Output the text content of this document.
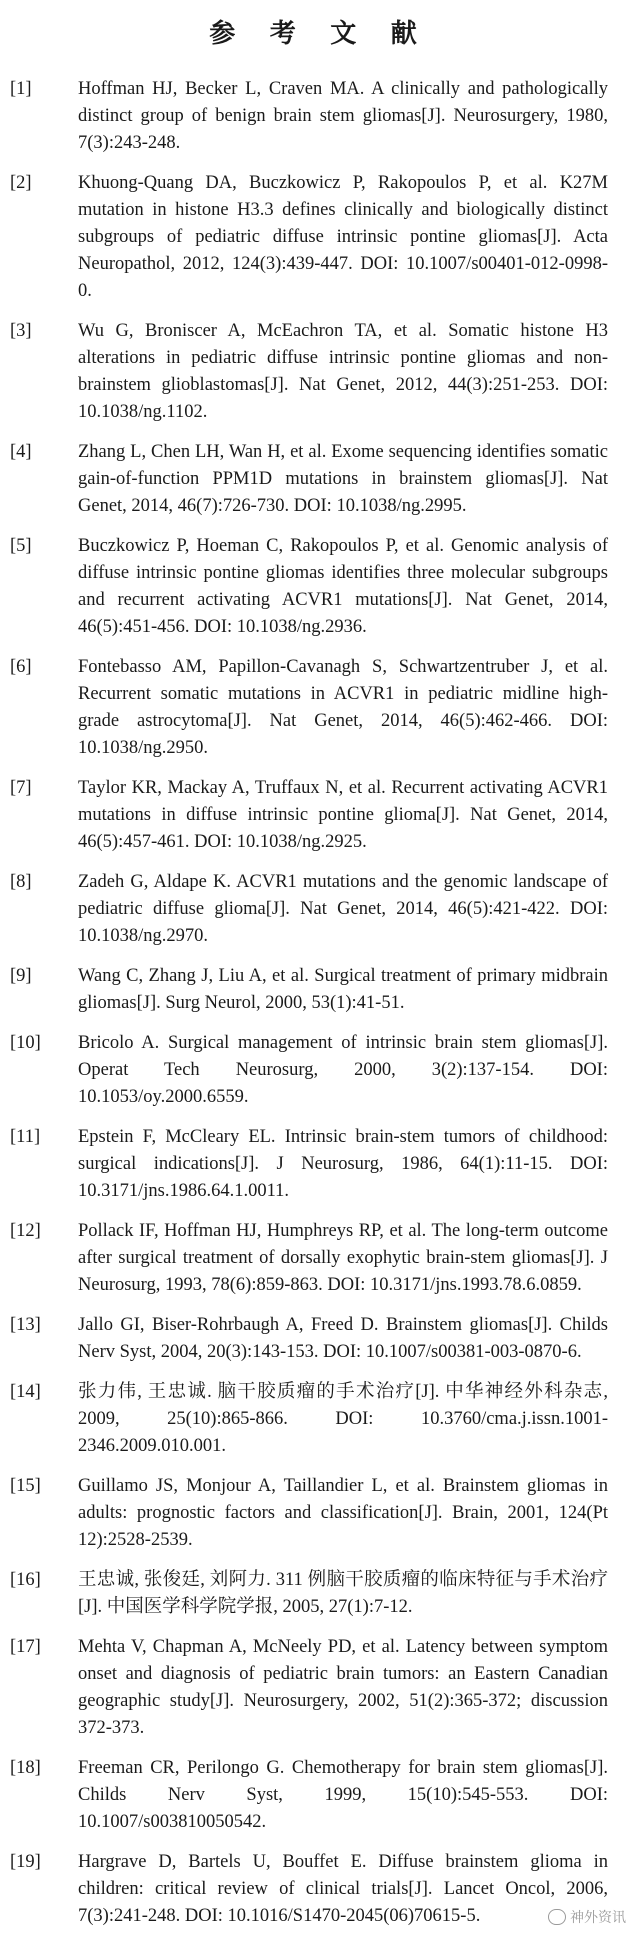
参 考 文 献
[1]	Hoffman HJ, Becker L, Craven MA. A clinically and pathologically distinct group of benign brain stem gliomas[J]. Neurosurgery, 1980, 7(3):243-248.
[2]	Khuong-Quang DA, Buczkowicz P, Rakopoulos P, et al. K27M mutation in histone H3.3 defines clinically and biologically distinct subgroups of pediatric diffuse intrinsic pontine gliomas[J]. Acta Neuropathol, 2012, 124(3):439-447. DOI: 10.1007/s00401-012-0998-0.
[3]	Wu G, Broniscer A, McEachron TA, et al. Somatic histone H3 alterations in pediatric diffuse intrinsic pontine gliomas and non-brainstem glioblastomas[J]. Nat Genet, 2012, 44(3):251-253. DOI: 10.1038/ng.1102.
[4]	Zhang L, Chen LH, Wan H, et al. Exome sequencing identifies somatic gain-of-function PPM1D mutations in brainstem gliomas[J]. Nat Genet, 2014, 46(7):726-730. DOI: 10.1038/ng.2995.
[5]	Buczkowicz P, Hoeman C, Rakopoulos P, et al. Genomic analysis of diffuse intrinsic pontine gliomas identifies three molecular subgroups and recurrent activating ACVR1 mutations[J]. Nat Genet, 2014, 46(5):451-456. DOI: 10.1038/ng.2936.
[6]	Fontebasso AM, Papillon-Cavanagh S, Schwartzentruber J, et al. Recurrent somatic mutations in ACVR1 in pediatric midline high-grade astrocytoma[J]. Nat Genet, 2014, 46(5):462-466. DOI: 10.1038/ng.2950.
[7]	Taylor KR, Mackay A, Truffaux N, et al. Recurrent activating ACVR1 mutations in diffuse intrinsic pontine glioma[J]. Nat Genet, 2014, 46(5):457-461. DOI: 10.1038/ng.2925.
[8]	Zadeh G, Aldape K. ACVR1 mutations and the genomic landscape of pediatric diffuse glioma[J]. Nat Genet, 2014, 46(5):421-422. DOI: 10.1038/ng.2970.
[9]	Wang C, Zhang J, Liu A, et al. Surgical treatment of primary midbrain gliomas[J]. Surg Neurol, 2000, 53(1):41-51.
[10]	Bricolo A. Surgical management of intrinsic brain stem gliomas[J]. Operat Tech Neurosurg, 2000, 3(2):137-154. DOI: 10.1053/oy.2000.6559.
[11]	Epstein F, McCleary EL. Intrinsic brain-stem tumors of childhood: surgical indications[J]. J Neurosurg, 1986, 64(1):11-15. DOI: 10.3171/jns.1986.64.1.0011.
[12]	Pollack IF, Hoffman HJ, Humphreys RP, et al. The long-term outcome after surgical treatment of dorsally exophytic brain-stem gliomas[J]. J Neurosurg, 1993, 78(6):859-863. DOI: 10.3171/jns.1993.78.6.0859.
[13]	Jallo GI, Biser-Rohrbaugh A, Freed D. Brainstem gliomas[J]. Childs Nerv Syst, 2004, 20(3):143-153. DOI: 10.1007/s00381-003-0870-6.
[14]	张力伟, 王忠诚. 脑干胶质瘤的手术治疗[J]. 中华神经外科杂志, 2009, 25(10):865-866. DOI: 10.3760/cma.j.issn.1001-2346.2009.010.001.
[15]	Guillamo JS, Monjour A, Taillandier L, et al. Brainstem gliomas in adults: prognostic factors and classification[J]. Brain, 2001, 124(Pt 12):2528-2539.
[16]	王忠诚, 张俊廷, 刘阿力. 311 例脑干胶质瘤的临床特征与手术治疗[J]. 中国医学科学院学报, 2005, 27(1):7-12.
[17]	Mehta V, Chapman A, McNeely PD, et al. Latency between symptom onset and diagnosis of pediatric brain tumors: an Eastern Canadian geographic study[J]. Neurosurgery, 2002, 51(2):365-372; discussion 372-373.
[18]	Freeman CR, Perilongo G. Chemotherapy for brain stem gliomas[J]. Childs Nerv Syst, 1999, 15(10):545-553. DOI: 10.1007/s003810050542.
[19]	Hargrave D, Bartels U, Bouffet E. Diffuse brainstem glioma in children: critical review of clinical trials[J]. Lancet Oncol, 2006, 7(3):241-248. DOI: 10.1016/S1470-2045(06)70615-5.	神外资讯
